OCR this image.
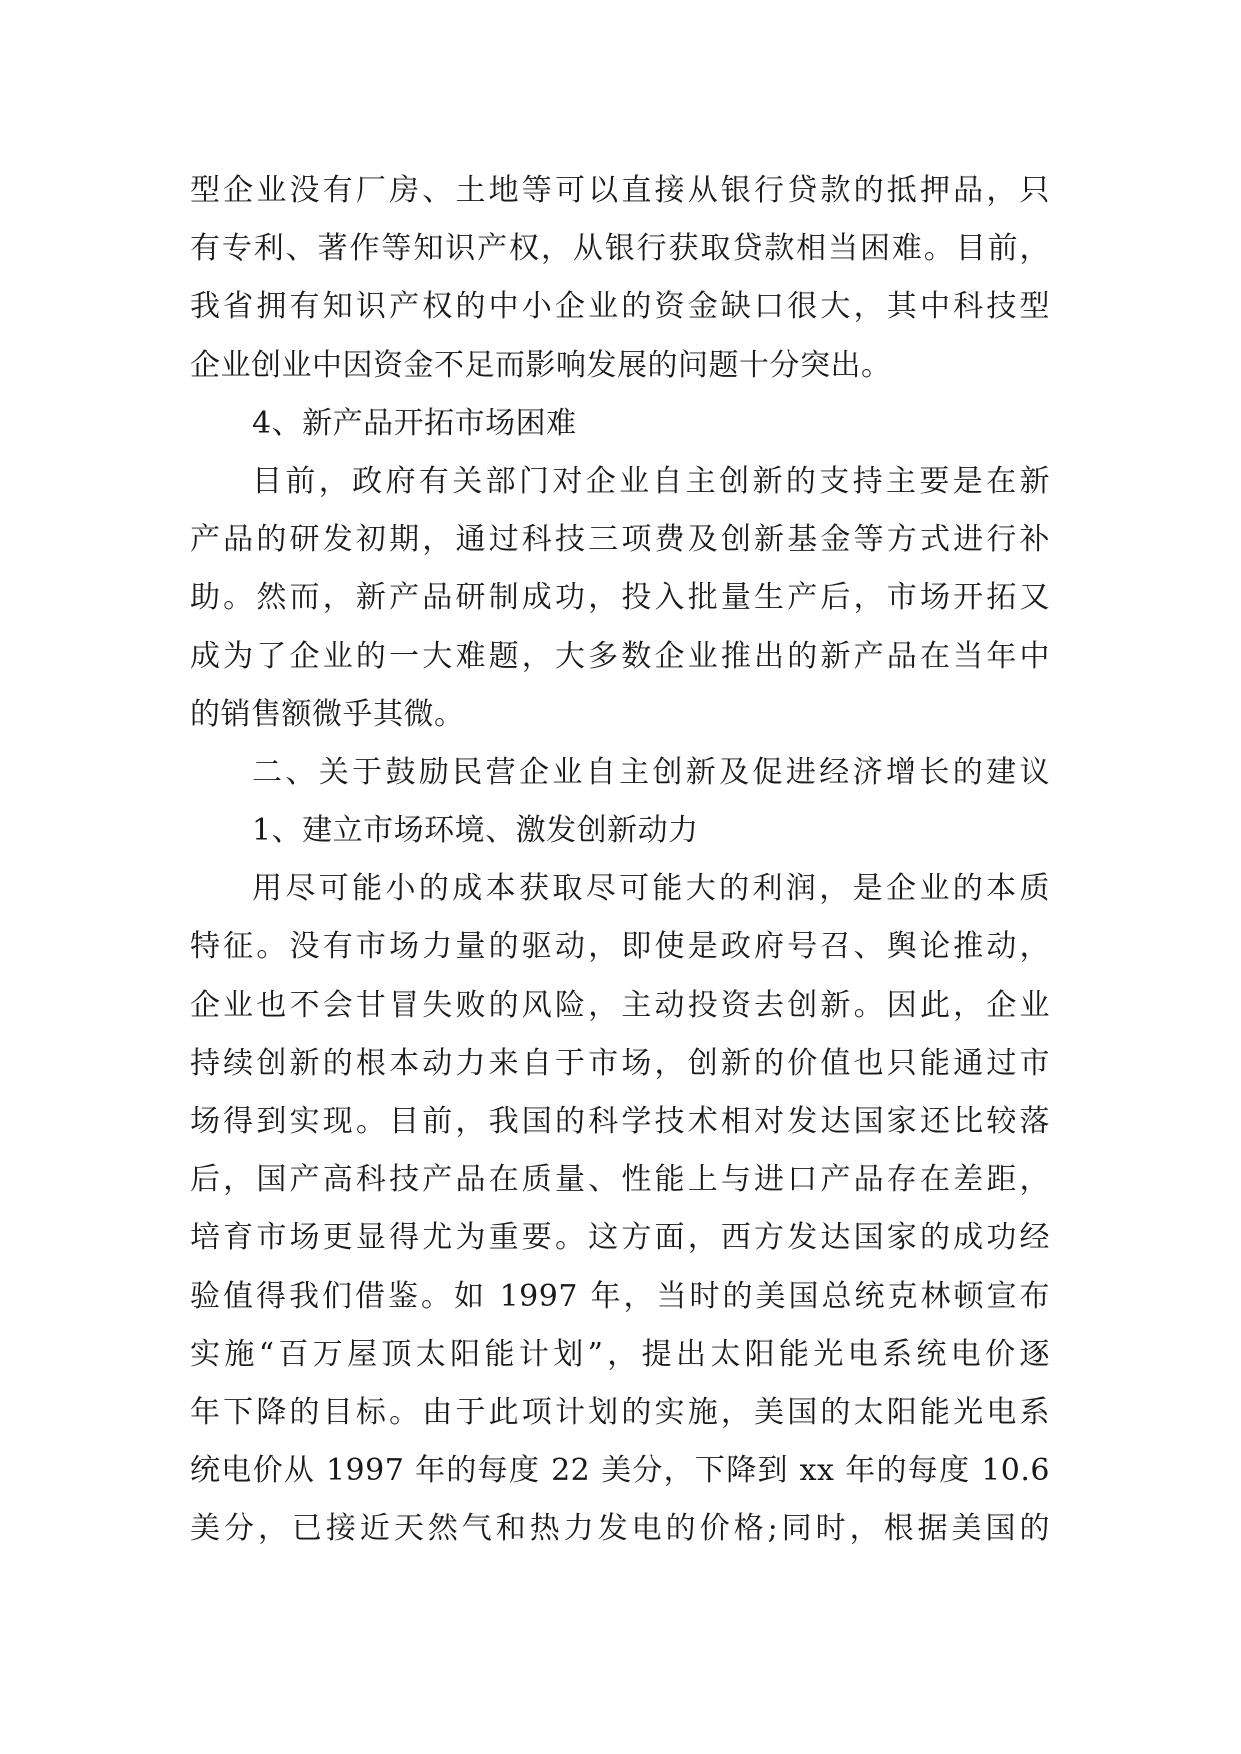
型企业没有厂房、土地等可以直接从银行贷款的抵押品，只
有专利、著作等知识产权，从银行获取贷款相当困难。目前，
我省拥有知识产权的中小企业的资金缺口很大，其中科技型
企业创业中因资金不足而影响发展的问题十分突出。
4、新产品开拓市场困难
目前，政府有关部门对企业自主创新的支持主要是在新
产品的研发初期，通过科技三项费及创新基金等方式进行补
助。然而，新产品研制成功，投入批量生产后，市场开拓又
成为了企业的一大难题，大多数企业推出的新产品在当年中
的销售额微乎其微。
二、关于鼓励民营企业自主创新及促进经济增长的建议
1、建立市场环境、激发创新动力
用尽可能小的成本获取尽可能大的利润，是企业的本质
特征。没有市场力量的驱动，即使是政府号召、舆论推动，
企业也不会甘冒失败的风险，主动投资去创新。因此，企业
持续创新的根本动力来自于市场，创新的价值也只能通过市
场得到实现。目前，我国的科学技术相对发达国家还比较落
后，国产高科技产品在质量、性能上与进口产品存在差距，
培育市场更显得尤为重要。这方面，西方发达国家的成功经
验值得我们借鉴。如 1997 年，当时的美国总统克林顿宣布
实施“百万屋顶太阳能计划”，提出太阳能光电系统电价逐
年下降的目标。由于此项计划的实施，美国的太阳能光电系
统电价从 1997 年的每度 22 美分，下降到 xx 年的每度 10.6
美分，已接近天然气和热力发电的价格;同时，根据美国的
